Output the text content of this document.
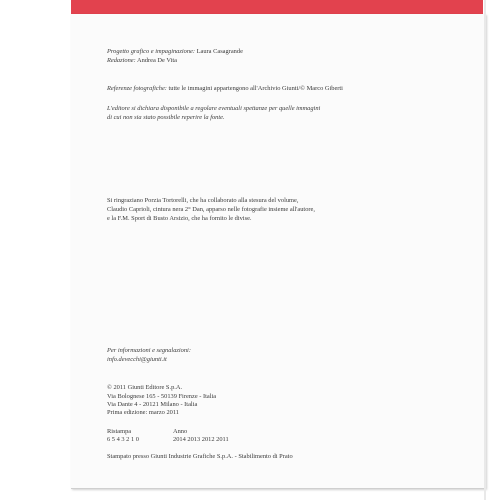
Progetto grafico e impaginazione: Laura Casagrande

Redazione: Andrea De Vita

Referenze fotografiche: tutte le immagini appartengono all'Archivio Giunti/© Marco Giberti

L'editore si dichiara disponibile a regolare eventuali spettanze per quelle immagini

di cui non sia stato possibile reperire la fonte.

Si ringraziano Porzia Tortorelli, che ha collaborato alla stesura del volume,

Claudio Caprioli, cintura nera 2° Dan, apparso nelle fotografie insieme all'autore,

e la F.M. Sport di Busto Arsizio, che ha fornito le divise.

Per informazioni e segnalazioni:

info.devecchi@giunti.it

© 2011 Giunti Editore S.p.A.

Via Bolognese 165 - 50139 Firenze - Italia

Via Dante 4 - 20121 Milano - Italia

Prima edizione: marzo 2011

Ristampa	Anno

6 5 4 3 2 1 0	2014 2013 2012 2011

Stampato presso Giunti Industrie Grafiche S.p.A. - Stabilimento di Prato
